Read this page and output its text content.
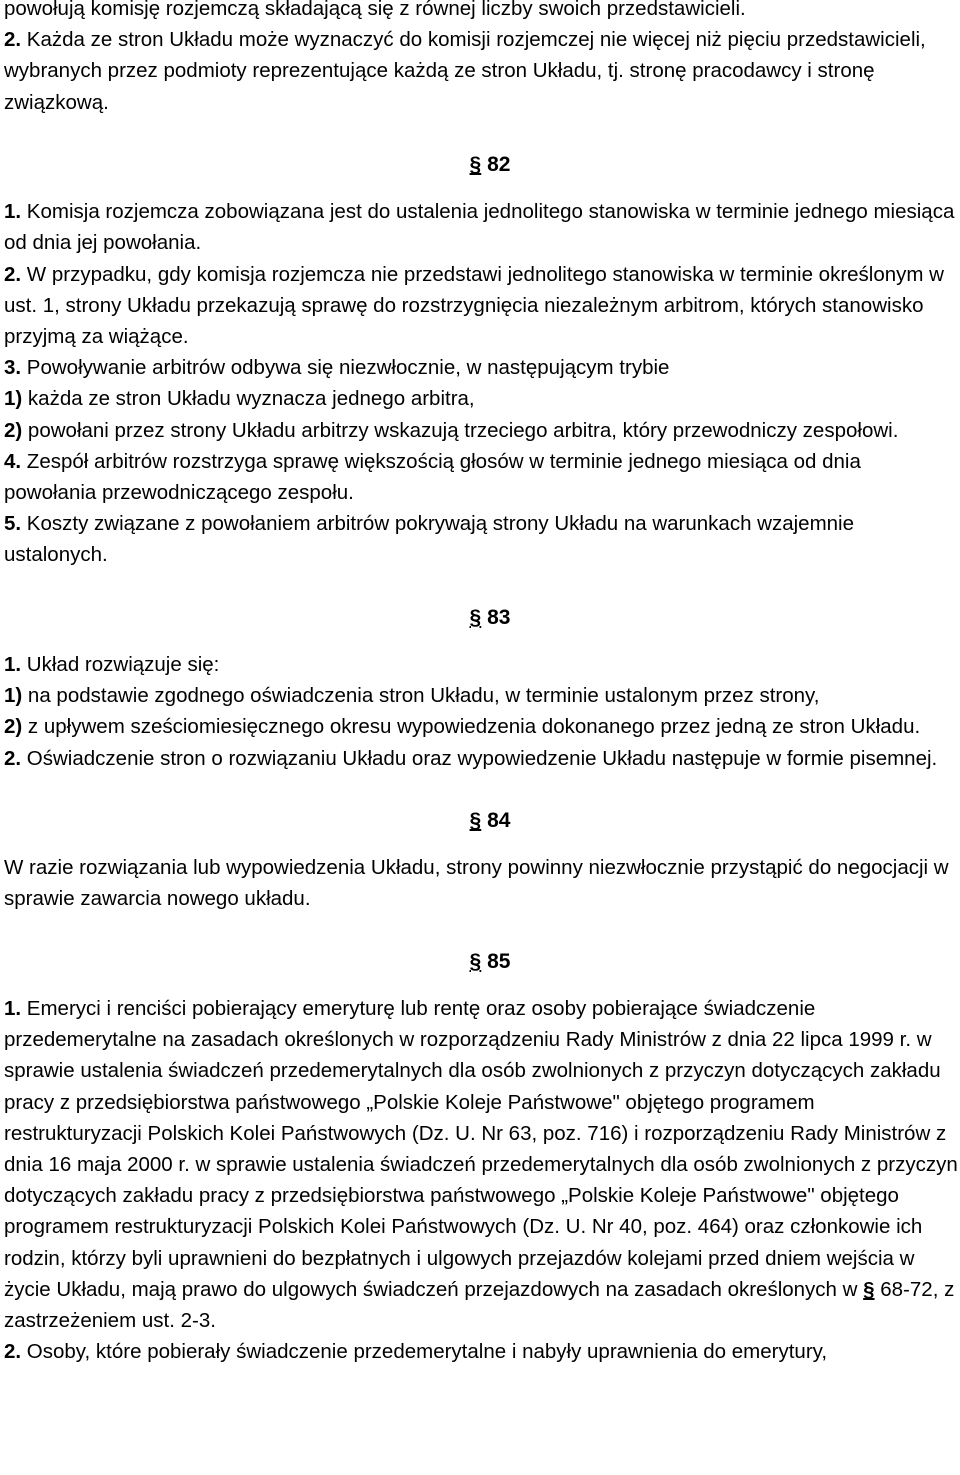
powołują komisję rozjemczą składającą się z równej liczby swoich przedstawicieli.

2. Każda ze stron Układu może wyznaczyć do komisji rozjemczej nie więcej niż pięciu przedstawicieli, wybranych przez podmioty reprezentujące każdą ze stron Układu, tj. stronę pracodawcy i stronę związkową.

§ 82

1. Komisja rozjemcza zobowiązana jest do ustalenia jednolitego stanowiska w terminie jednego miesiąca od dnia jej powołania.

2. W przypadku, gdy komisja rozjemcza nie przedstawi jednolitego stanowiska w terminie określonym w ust. 1, strony Układu przekazują sprawę do rozstrzygnięcia niezależnym arbitrom, których stanowisko przyjmą za wiążące.

3. Powoływanie arbitrów odbywa się niezwłocznie, w następującym trybie

1) każda ze stron Układu wyznacza jednego arbitra,

2) powołani przez strony Układu arbitrzy wskazują trzeciego arbitra, który przewodniczy zespołowi.

4. Zespół arbitrów rozstrzyga sprawę większością głosów w terminie jednego miesiąca od dnia powołania przewodniczącego zespołu.

5. Koszty związane z powołaniem arbitrów pokrywają strony Układu na warunkach wzajemnie ustalonych.

§ 83

1. Układ rozwiązuje się:

1) na podstawie zgodnego oświadczenia stron Układu, w terminie ustalonym przez strony,

2) z upływem sześciomiesięcznego okresu wypowiedzenia dokonanego przez jedną ze stron Układu.

2. Oświadczenie stron o rozwiązaniu Układu oraz wypowiedzenie Układu następuje w formie pisemnej.

§ 84

W razie rozwiązania lub wypowiedzenia Układu, strony powinny niezwłocznie przystąpić do negocjacji w sprawie zawarcia nowego układu.

§ 85

1. Emeryci i renciści pobierający emeryturę lub rentę oraz osoby pobierające świadczenie przedemerytalne na zasadach określonych w rozporządzeniu Rady Ministrów z dnia 22 lipca 1999 r. w sprawie ustalenia świadczeń przedemerytalnych dla osób zwolnionych z przyczyn dotyczących zakładu pracy z przedsiębiorstwa państwowego „Polskie Koleje Państwowe" objętego programem restrukturyzacji Polskich Kolei Państwowych (Dz. U. Nr 63, poz. 716) i rozporządzeniu Rady Ministrów z dnia 16 maja 2000 r. w sprawie ustalenia świadczeń przedemerytalnych dla osób zwolnionych z przyczyn dotyczących zakładu pracy z przedsiębiorstwa państwowego „Polskie Koleje Państwowe" objętego programem restrukturyzacji Polskich Kolei Państwowych (Dz. U. Nr 40, poz. 464) oraz członkowie ich rodzin, którzy byli uprawnieni do bezpłatnych i ulgowych przejazdów kolejami przed dniem wejścia w życie Układu, mają prawo do ulgowych świadczeń przejazdowych na zasadach określonych w § 68-72, z zastrzeżeniem ust. 2-3.

2. Osoby, które pobierały świadczenie przedemerytalne i nabyły uprawnienia do emerytury,
